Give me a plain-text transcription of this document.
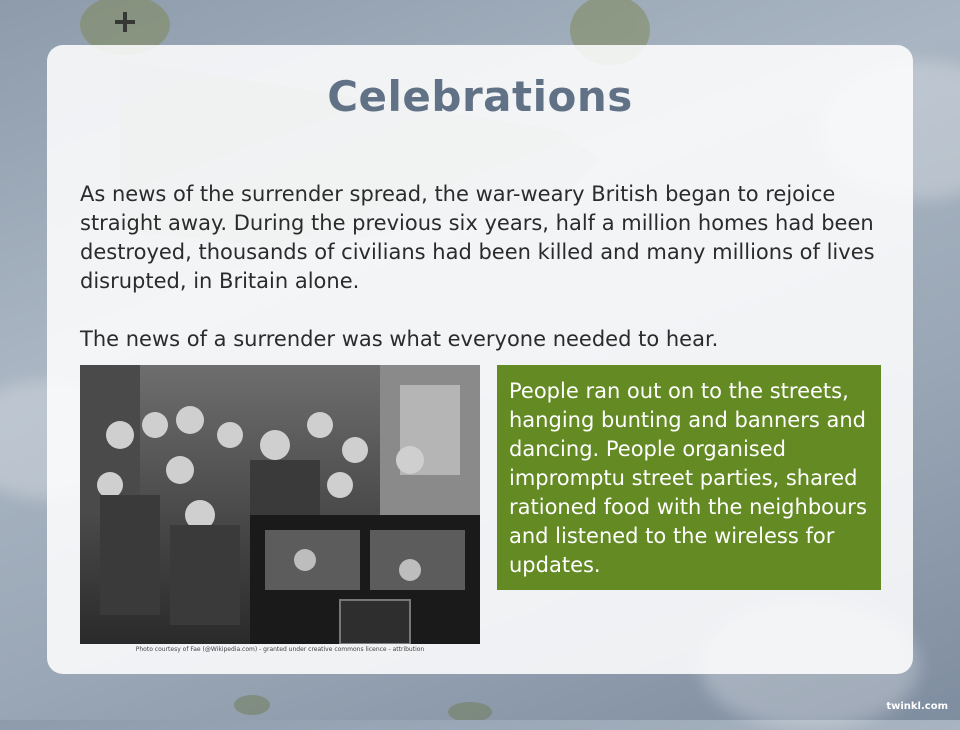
Celebrations
As news of the surrender spread, the war-weary British began to rejoice straight away. During the previous six years, half a million homes had been destroyed, thousands of civilians had been killed and many millions of lives disrupted, in Britain alone.
The news of a surrender was what everyone needed to hear.
Photo courtesy of Fae (@Wikipedia.com) - granted under creative commons licence - attribution
People ran out on to the streets, hanging bunting and banners and dancing. People organised impromptu street parties, shared rationed food with the neighbours and listened to the wireless for updates.
twinkl.com
